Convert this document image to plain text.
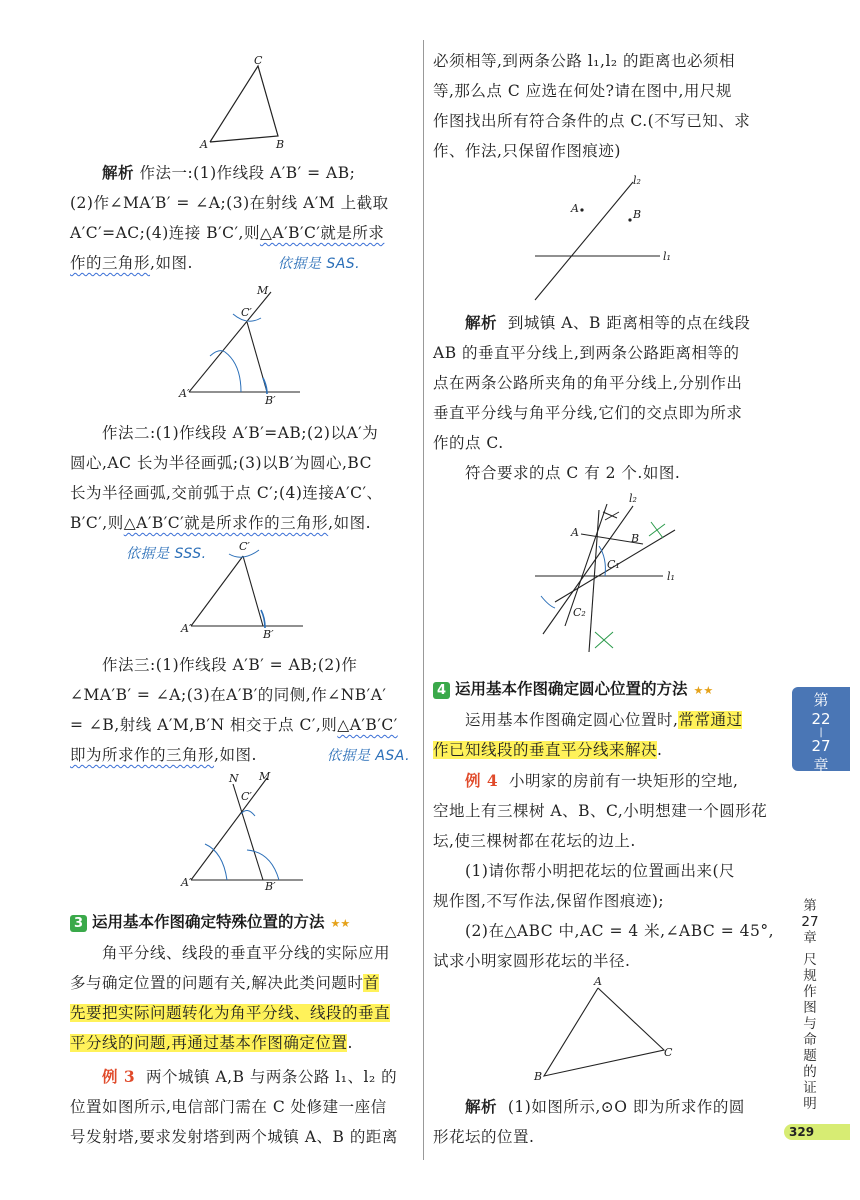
C
A	B
解析 作法一:(1)作线段 A′B′ = AB;
(2)作∠MA′B′ = ∠A;(3)在射线 A′M 上截取
A′C′=AC;(4)连接 B′C′,则△A′B′C′就是所求
作的三角形,如图.	依据是 SAS.
M
C′
A′
B′
作法二:(1)作线段 A′B′=AB;(2)以A′为
圆心,AC 长为半径画弧;(3)以B′为圆心,BC
长为半径画弧,交前弧于点 C′;(4)连接A′C′、
B′C′,则△A′B′C′就是所求作的三角形,如图.
依据是 SSS.	C′
A′	B′
作法三:(1)作线段 A′B′ = AB;(2)作
∠MA′B′ = ∠A;(3)在A′B′的同侧,作∠NB′A′
= ∠B,射线 A′M,B′N 相交于点 C′,则△A′B′C′
即为所求作的三角形,如图.	依据是 ASA.
N M
C′
A′	B′
3 运用基本作图确定特殊位置的方法 ★★
角平分线、线段的垂直平分线的实际应用
多与确定位置的问题有关,解决此类问题时首
先要把实际问题转化为角平分线、线段的垂直
平分线的问题,再通过基本作图确定位置.
例 3 两个城镇 A,B 与两条公路 l₁、l₂ 的
位置如图所示,电信部门需在 C 处修建一座信
号发射塔,要求发射塔到两个城镇 A、B 的距离
必须相等,到两条公路 l₁,l₂ 的距离也必须相
等,那么点 C 应选在何处?请在图中,用尺规
作图找出所有符合条件的点 C.(不写已知、求
作、作法,只保留作图痕迹)
l₂
A	B
l₁
解析 到城镇 A、B 距离相等的点在线段
AB 的垂直平分线上,到两条公路距离相等的
点在两条公路所夹角的角平分线上,分别作出
垂直平分线与角平分线,它们的交点即为所求
作的点 C.
符合要求的点 C 有 2 个.如图.
l₂
A	B
C₁
l₁
C₂
4 运用基本作图确定圆心位置的方法 ★★
运用基本作图确定圆心位置时,常常通过
作已知线段的垂直平分线来解决.
例 4 小明家的房前有一块矩形的空地,
空地上有三棵树 A、B、C,小明想建一个圆形花
坛,使三棵树都在花坛的边上.
(1)请你帮小明把花坛的位置画出来(尺
规作图,不写作法,保留作图痕迹);
(2)在△ABC 中,AC = 4 米,∠ABC = 45°,
试求小明家圆形花坛的半径.
A
B
C
解析 (1)如图所示,⊙O 即为所求作的圆
形花坛的位置.
第
22
|
27
章
第
27
章
尺
规
作
图
与
命
题
的
证
明
329
